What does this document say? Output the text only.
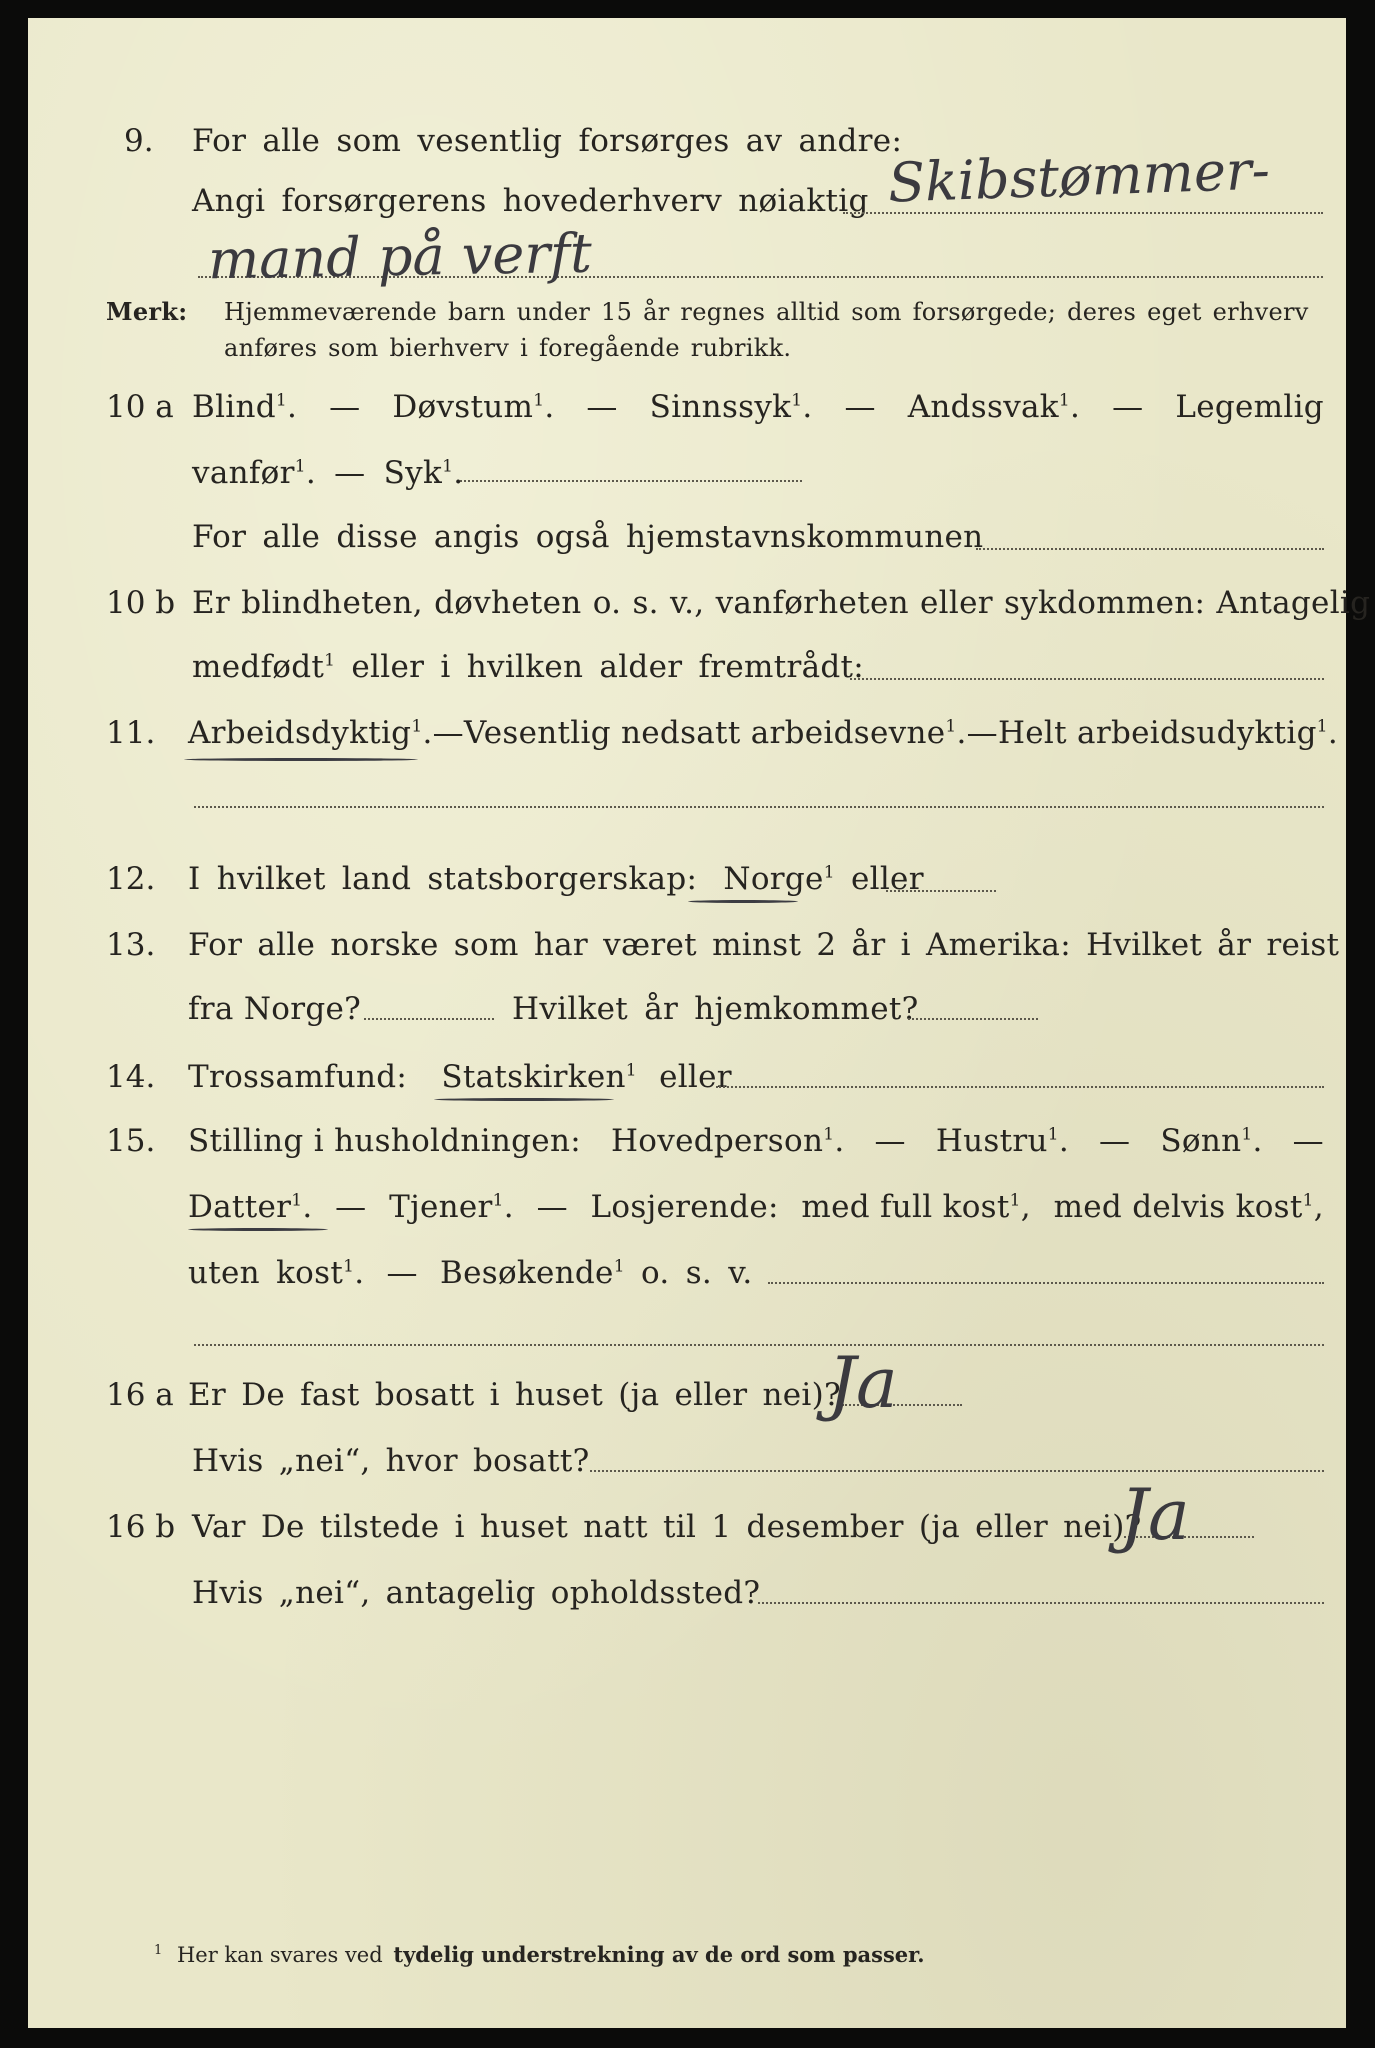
9. For alle som vesentlig forsørges av andre:
Angi forsørgerens hovederhverv nøiaktig Skibstømmer-
mand på verft
Merk: Hjemmeværende barn under 15 år regnes alltid som forsørgede; deres eget erhverv
anføres som bierhverv i foregående rubrikk.
10 a Blind$^1$. — Døvstum$^1$. — Sinnssyk$^1$. — Andssvak$^1$. — Legemlig
vanfør$^1$. — Syk$^1$.
For alle disse angis også hjemstavnskommunen
10 b Er blindheten, døvheten o. s. v., vanførheten eller sykdommen: Antagelig
medfødt$^1$ eller i hvilken alder fremtrådt:
11. Arbeidsdyktig$^1$. — Vesentlig nedsatt arbeidsevne$^1$. — Helt arbeidsudyktig$^1$.
12. I hvilket land statsborgerskap: Norge$^1$ eller
13. For alle norske som har været minst 2 år i Amerika: Hvilket år reist
fra Norge?	Hvilket år hjemkommet?
14. Trossamfund: Statskirken$^1$ eller
15. Stilling i husholdningen: Hovedperson$^1$. — Hustru$^1$. — Sønn$^1$. —
Datter$^1$. — Tjener$^1$. — Losjerende: med full kost$^1$, med delvis kost$^1$,
uten kost$^1$. — Besøkende$^1$ o. s. v.
16 a Er De fast bosatt i huset (ja eller nei)?
Ja
Hvis „nei“, hvor bosatt?
16 b Var De tilstede i huset natt til 1 desember (ja eller nei)?
Ja
Hvis „nei“, antagelig opholdssted?
$^1$ Her kan svares ved tydelig understrekning av de ord som passer.
